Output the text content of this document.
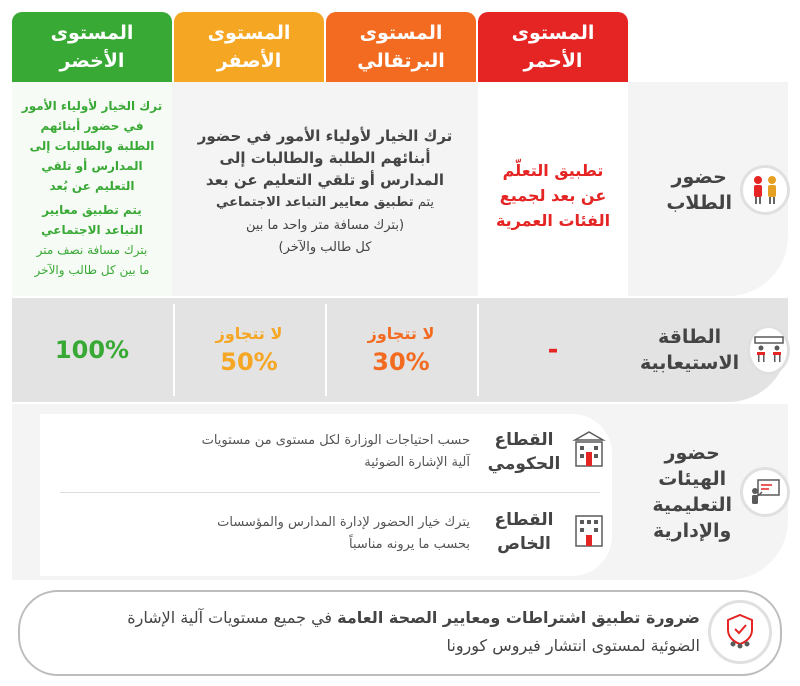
المستوى
الأحمر
المستوى
البرتقالي
المستوى
الأصفر
المستوى
الأخضر
حضور
الطلاب
تطبيق التعلّم
عن بعد لجميع
الفئات العمرية
ترك الخيار لأولياء الأمور في حضور
أبنائهم الطلبة والطالبات إلى
المدارس أو تلقي التعليم عن بعد
يتم تطبيق معايير التباعد الاجتماعي
(بترك مسافة متر واحد ما بين
كل طالب والآخر)
ترك الخيار لأولياء الأمور
في حضور أبنائهم
الطلبة والطالبات إلى
المدارس أو تلقي
التعليم عن بُعد
يتم تطبيق معايير
التباعد الاجتماعي
بترك مسافة نصف متر
ما بين كل طالب والآخر
الطاقة
الاستيعابية
-
لا تتجاوز
30%
لا تتجاوز
50%
100%
حضور
الهيئات
التعليمية
والإدارية
القطاع
الحكومي
حسب احتياجات الوزارة لكل مستوى من مستويات
آلية الإشارة الضوئية
القطاع
الخاص
يترك خيار الحضور لإدارة المدارس والمؤسسات
بحسب ما يرونه مناسباً
ضرورة تطبيق اشتراطات ومعايير الصحة العامة في جميع مستويات آلية الإشارة
الضوئية لمستوى انتشار فيروس كورونا
